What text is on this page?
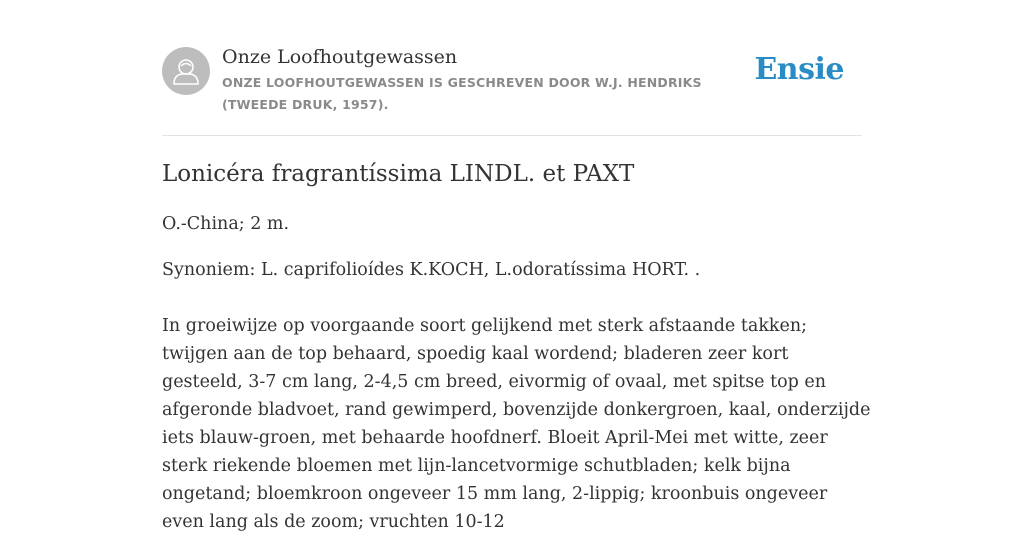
Onze Loofhoutgewassen
ONZE LOOFHOUTGEWASSEN IS GESCHREVEN DOOR W.J. HENDRIKS (TWEEDE DRUK, 1957).
Ensie
Lonicéra fragrantíssima LINDL. et PAXT

O.-China; 2 m.

Synoniem: L. caprifolioídes K.KOCH, L.odoratíssima HORT. .

In groeiwijze op voorgaande soort gelijkend met sterk afstaande takken; twijgen aan de top behaard, spoedig kaal wordend; bladeren zeer kort gesteeld, 3-7 cm lang, 2-4,5 cm breed, eivormig of ovaal, met spitse top en afgeronde bladvoet, rand gewimperd, bovenzijde donkergroen, kaal, onderzijde iets blauw-groen, met behaarde hoofdnerf. Bloeit April-Mei met witte, zeer sterk riekende bloemen met lijn-lancetvormige schutbladen; kelk bijna ongetand; bloemkroon ongeveer 15 mm lang, 2-lippig; kroonbuis ongeveer even lang als de zoom; vruchten 10-12
